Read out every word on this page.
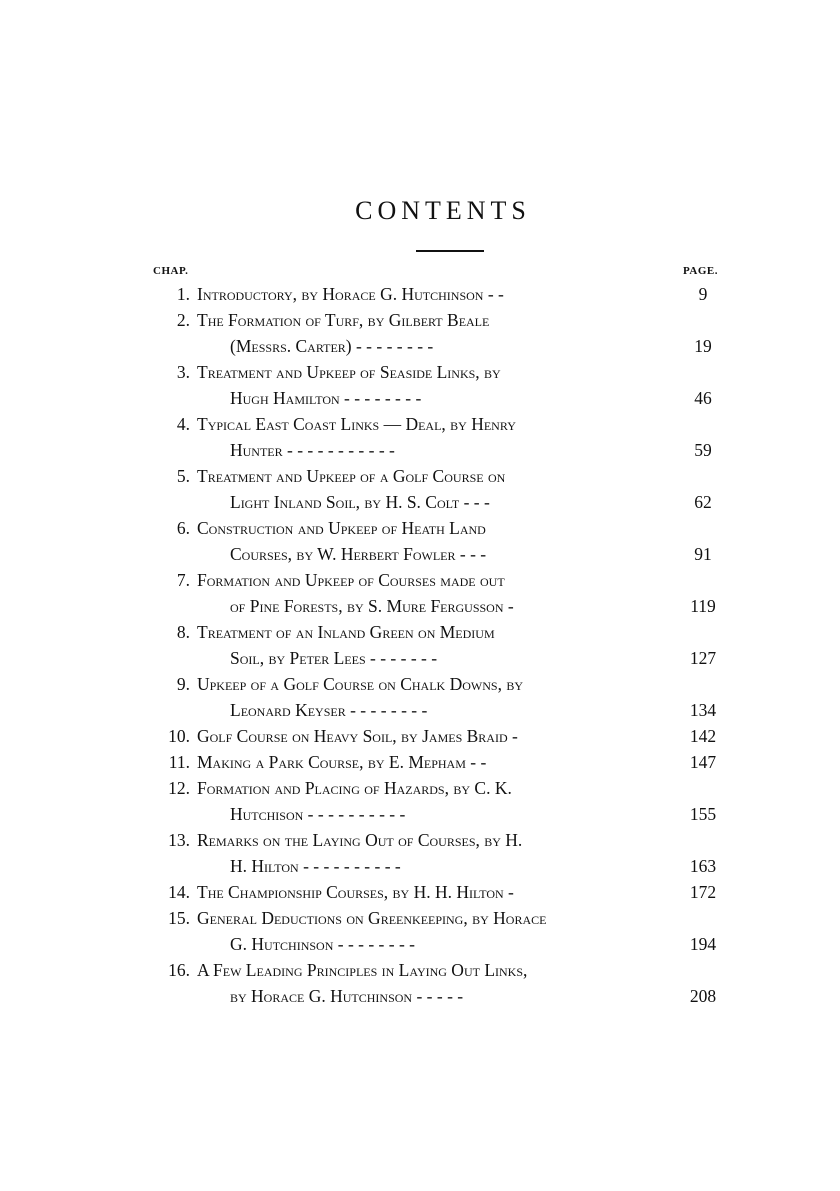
CONTENTS
CHAP.	PAGE.
1. Introductory, by Horace G. Hutchinson - -	9
2. The Formation of Turf, by Gilbert Beale
(Messrs. Carter) - - - - - - - -	19
3. Treatment and Upkeep of Seaside Links, by
Hugh Hamilton - - - - - - - -	46
4. Typical East Coast Links — Deal, by Henry
Hunter - - - - - - - - - - -	59
5. Treatment and Upkeep of a Golf Course on
Light Inland Soil, by H. S. Colt - - -	62
6. Construction and Upkeep of Heath Land
Courses, by W. Herbert Fowler - - -	91
7. Formation and Upkeep of Courses made out
of Pine Forests, by S. Mure Fergusson -	119
8. Treatment of an Inland Green on Medium
Soil, by Peter Lees - - - - - - -	127
9. Upkeep of a Golf Course on Chalk Downs, by
Leonard Keyser - - - - - - - -	134
10. Golf Course on Heavy Soil, by James Braid -	142
11. Making a Park Course, by E. Mepham - -	147
12. Formation and Placing of Hazards, by C. K.
Hutchison - - - - - - - - - -	155
13. Remarks on the Laying Out of Courses, by H.
H. Hilton - - - - - - - - - -	163
14. The Championship Courses, by H. H. Hilton -	172
15. General Deductions on Greenkeeping, by Horace
G. Hutchinson - - - - - - - -	194
16. A Few Leading Principles in Laying Out Links,
by Horace G. Hutchinson - - - - -	208
